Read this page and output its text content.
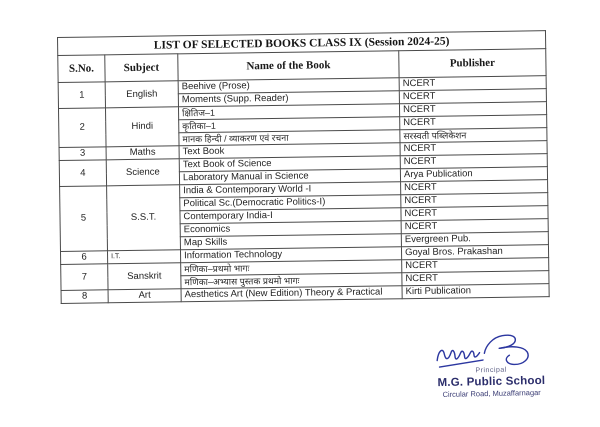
LIST OF SELECTED BOOKS CLASS IX (Session 2024-25)			
S.No.	Subject	Name of the Book	Publisher
1	English	Beehive (Prose)	NCERT
		Moments (Supp. Reader)	NCERT
2	Hindi	क्षितिज–1	NCERT
		कृतिका–1	NCERT
		मानक हिन्दी / व्याकरण एवं रचना	सरस्वती पब्लिकेशन
3	Maths	Text Book	NCERT
4	Science	Text Book of Science	NCERT
		Laboratory Manual in Science	Arya Publication
5	S.S.T.	India & Contemporary World -I	NCERT
		Political Sc.(Democratic Politics-I)	NCERT
		Contemporary India-I	NCERT
		Economics	NCERT
		Map Skills	Evergreen Pub.
6	I.T.	Information Technology	Goyal Bros. Prakashan
7	Sanskrit	मणिका–प्रथमो भागः	NCERT
		मणिका–अभ्यास पुस्तक प्रथमो भागः	NCERT
8	Art	Aesthetics Art (New Edition) Theory & Practical	Kirti Publication
Principal
M.G. Public School
Circular Road, Muzaffarnagar
